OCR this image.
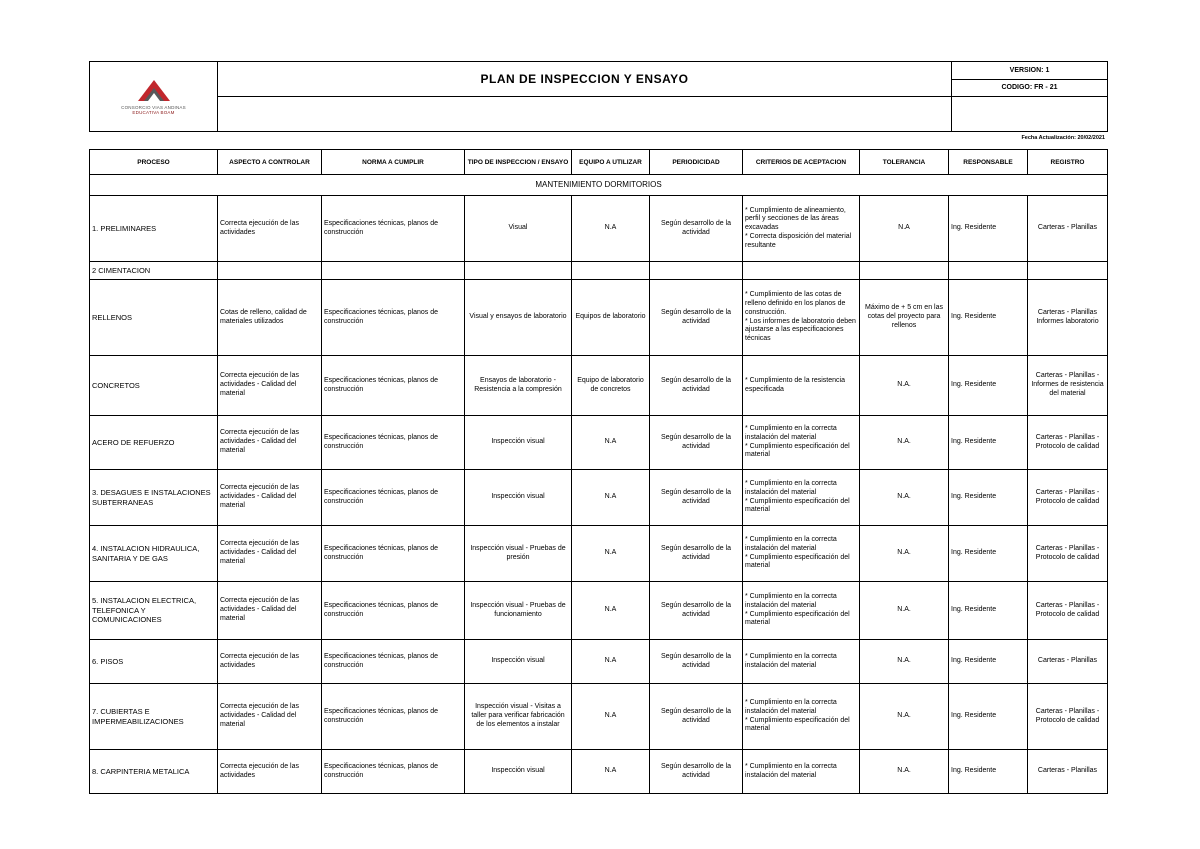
CONSORCIO VIAS ANDINAS
EDUCATIVA BOAM	PLAN DE INSPECCION Y ENSAYO	VERSION: 1
		CODIGO: FR - 21

Fecha Actualización: 20/02/2021
PROCESO	ASPECTO A CONTROLAR	NORMA A CUMPLIR	TIPO DE INSPECCION / ENSAYO	EQUIPO A UTILIZAR	PERIODICIDAD	CRITERIOS DE ACEPTACION	TOLERANCIA	RESPONSABLE	REGISTRO
MANTENIMIENTO DORMITORIOS									
1. PRELIMINARES	Correcta ejecución de las actividades	Especificaciones técnicas, planos de construcción	Visual	N.A	Según desarrollo de la actividad	* Cumplimiento de alineamiento, perfil y secciones de las áreas excavadas
* Correcta disposición del material resultante	N.A	Ing. Residente	Carteras - Planillas
2 CIMENTACION									
RELLENOS	Cotas de relleno, calidad de materiales utilizados	Especificaciones técnicas, planos de construcción	Visual y ensayos de laboratorio	Equipos de laboratorio	Según desarrollo de la actividad	* Cumplimiento de las cotas de relleno definido en los planos de construcción.
* Los informes de laboratorio deben ajustarse a las especificaciones técnicas	Máximo de + 5 cm en las cotas del proyecto para rellenos	Ing. Residente	Carteras - Planillas Informes laboratorio
CONCRETOS	Correcta ejecución de las actividades - Calidad del material	Especificaciones técnicas, planos de construcción	Ensayos de laboratorio - Resistencia a la compresión	Equipo de laboratorio de concretos	Según desarrollo de la actividad	* Cumplimiento de la resistencia especificada	N.A.	Ing. Residente	Carteras - Planillas - Informes de resistencia del material
ACERO DE REFUERZO	Correcta ejecución de las actividades - Calidad del material	Especificaciones técnicas, planos de construcción	Inspección visual	N.A	Según desarrollo de la actividad	* Cumplimiento en la correcta instalación del material
* Cumplimiento especificación del material	N.A.	Ing. Residente	Carteras - Planillas - Protocolo de calidad
3. DESAGUES E INSTALACIONES SUBTERRANEAS	Correcta ejecución de las actividades - Calidad del material	Especificaciones técnicas, planos de construcción	Inspección visual	N.A	Según desarrollo de la actividad	* Cumplimiento en la correcta instalación del material
* Cumplimiento especificación del material	N.A.	Ing. Residente	Carteras - Planillas - Protocolo de calidad
4. INSTALACION HIDRAULICA, SANITARIA Y DE GAS	Correcta ejecución de las actividades - Calidad del material	Especificaciones técnicas, planos de construcción	Inspección visual - Pruebas de presión	N.A	Según desarrollo de la actividad	* Cumplimiento en la correcta instalación del material
* Cumplimiento especificación del material	N.A.	Ing. Residente	Carteras - Planillas - Protocolo de calidad
5. INSTALACION ELECTRICA, TELEFONICA Y COMUNICACIONES	Correcta ejecución de las actividades - Calidad del material	Especificaciones técnicas, planos de construcción	Inspección visual - Pruebas de funcionamiento	N.A	Según desarrollo de la actividad	* Cumplimiento en la correcta instalación del material
* Cumplimiento especificación del material	N.A.	Ing. Residente	Carteras - Planillas - Protocolo de calidad
6. PISOS	Correcta ejecución de las actividades	Especificaciones técnicas, planos de construcción	Inspección visual	N.A	Según desarrollo de la actividad	* Cumplimiento en la correcta instalación del material	N.A.	Ing. Residente	Carteras - Planillas
7. CUBIERTAS E IMPERMEABILIZACIONES	Correcta ejecución de las actividades - Calidad del material	Especificaciones técnicas, planos de construcción	Inspección visual - Visitas a taller para verificar fabricación de los elementos a instalar	N.A	Según desarrollo de la actividad	* Cumplimiento en la correcta instalación del material
* Cumplimiento especificación del material	N.A.	Ing. Residente	Carteras - Planillas - Protocolo de calidad
8. CARPINTERIA METALICA	Correcta ejecución de las actividades	Especificaciones técnicas, planos de construcción	Inspección visual	N.A	Según desarrollo de la actividad	* Cumplimiento en la correcta instalación del material	N.A.	Ing. Residente	Carteras - Planillas
